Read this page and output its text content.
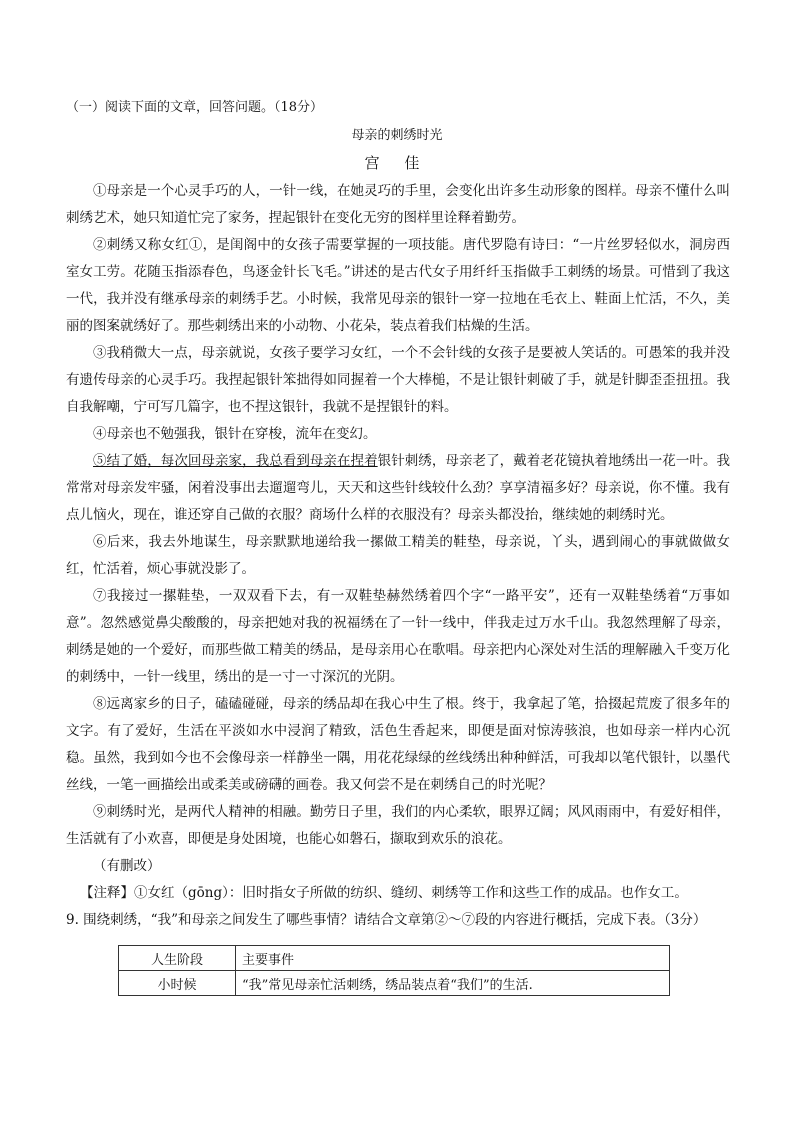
（一）阅读下面的文章，回答问题。（18分）
母亲的刺绣时光
宫 佳

①母亲是一个心灵手巧的人，一针一线，在她灵巧的手里，会变化出许多生动形象的图样。母亲不懂什么叫刺绣艺术，她只知道忙完了家务，捏起银针在变化无穷的图样里诠释着勤劳。

②刺绣又称女红①，是闺阁中的女孩子需要掌握的一项技能。唐代罗隐有诗曰：“一片丝罗轻似水，洞房西室女工劳。花随玉指添春色，鸟逐金针长飞毛。”讲述的是古代女子用纤纤玉指做手工刺绣的场景。可惜到了我这一代，我并没有继承母亲的刺绣手艺。小时候，我常见母亲的银针一穿一拉地在毛衣上、鞋面上忙活，不久，美丽的图案就绣好了。那些刺绣出来的小动物、小花朵，装点着我们枯燥的生活。

③我稍微大一点，母亲就说，女孩子要学习女红，一个不会针线的女孩子是要被人笑话的。可愚笨的我并没有遗传母亲的心灵手巧。我捏起银针笨拙得如同握着一个大棒槌，不是让银针刺破了手，就是针脚歪歪扭扭。我自我解嘲，宁可写几篇字，也不捏这银针，我就不是捏银针的料。

④母亲也不勉强我，银针在穿梭，流年在变幻。

⑤结了婚，每次回母亲家，我总看到母亲在捏着银针刺绣，母亲老了，戴着老花镜执着地绣出一花一叶。我常常对母亲发牢骚，闲着没事出去遛遛弯儿，天天和这些针线较什么劲？享享清福多好？母亲说，你不懂。我有点儿恼火，现在，谁还穿自己做的衣服？商场什么样的衣服没有？母亲头都没抬，继续她的刺绣时光。

⑥后来，我去外地谋生，母亲默默地递给我一摞做工精美的鞋垫，母亲说，丫头，遇到闹心的事就做做女红，忙活着，烦心事就没影了。

⑦我接过一摞鞋垫，一双双看下去，有一双鞋垫赫然绣着四个字“一路平安”，还有一双鞋垫绣着“万事如意”。忽然感觉鼻尖酸酸的，母亲把她对我的祝福绣在了一针一线中，伴我走过万水千山。我忽然理解了母亲，刺绣是她的一个爱好，而那些做工精美的绣品，是母亲用心在歌唱。母亲把内心深处对生活的理解融入千变万化的刺绣中，一针一线里，绣出的是一寸一寸深沉的光阴。

⑧远离家乡的日子，磕磕碰碰，母亲的绣品却在我心中生了根。终于，我拿起了笔，拾掇起荒废了很多年的文字。有了爱好，生活在平淡如水中浸润了精致，活色生香起来，即便是面对惊涛骇浪，也如母亲一样内心沉稳。虽然，我到如今也不会像母亲一样静坐一隅，用花花绿绿的丝线绣出种种鲜活，可我却以笔代银针，以墨代丝线，一笔一画描绘出或柔美或磅礴的画卷。我又何尝不是在刺绣自己的时光呢？

⑨刺绣时光，是两代人精神的相融。勤劳日子里，我们的内心柔软，眼界辽阔；风风雨雨中，有爱好相伴，生活就有了小欢喜，即便是身处困境，也能心如磐石，撷取到欢乐的浪花。

（有删改）

【注释】①女红（gōng）：旧时指女子所做的纺织、缝纫、刺绣等工作和这些工作的成品。也作女工。

9. 围绕刺绣，“我”和母亲之间发生了哪些事情？请结合文章第②～⑦段的内容进行概括，完成下表。（3分）

人生阶段	主要事件
小时候	“我”常见母亲忙活刺绣，绣品装点着“我们”的生活.
